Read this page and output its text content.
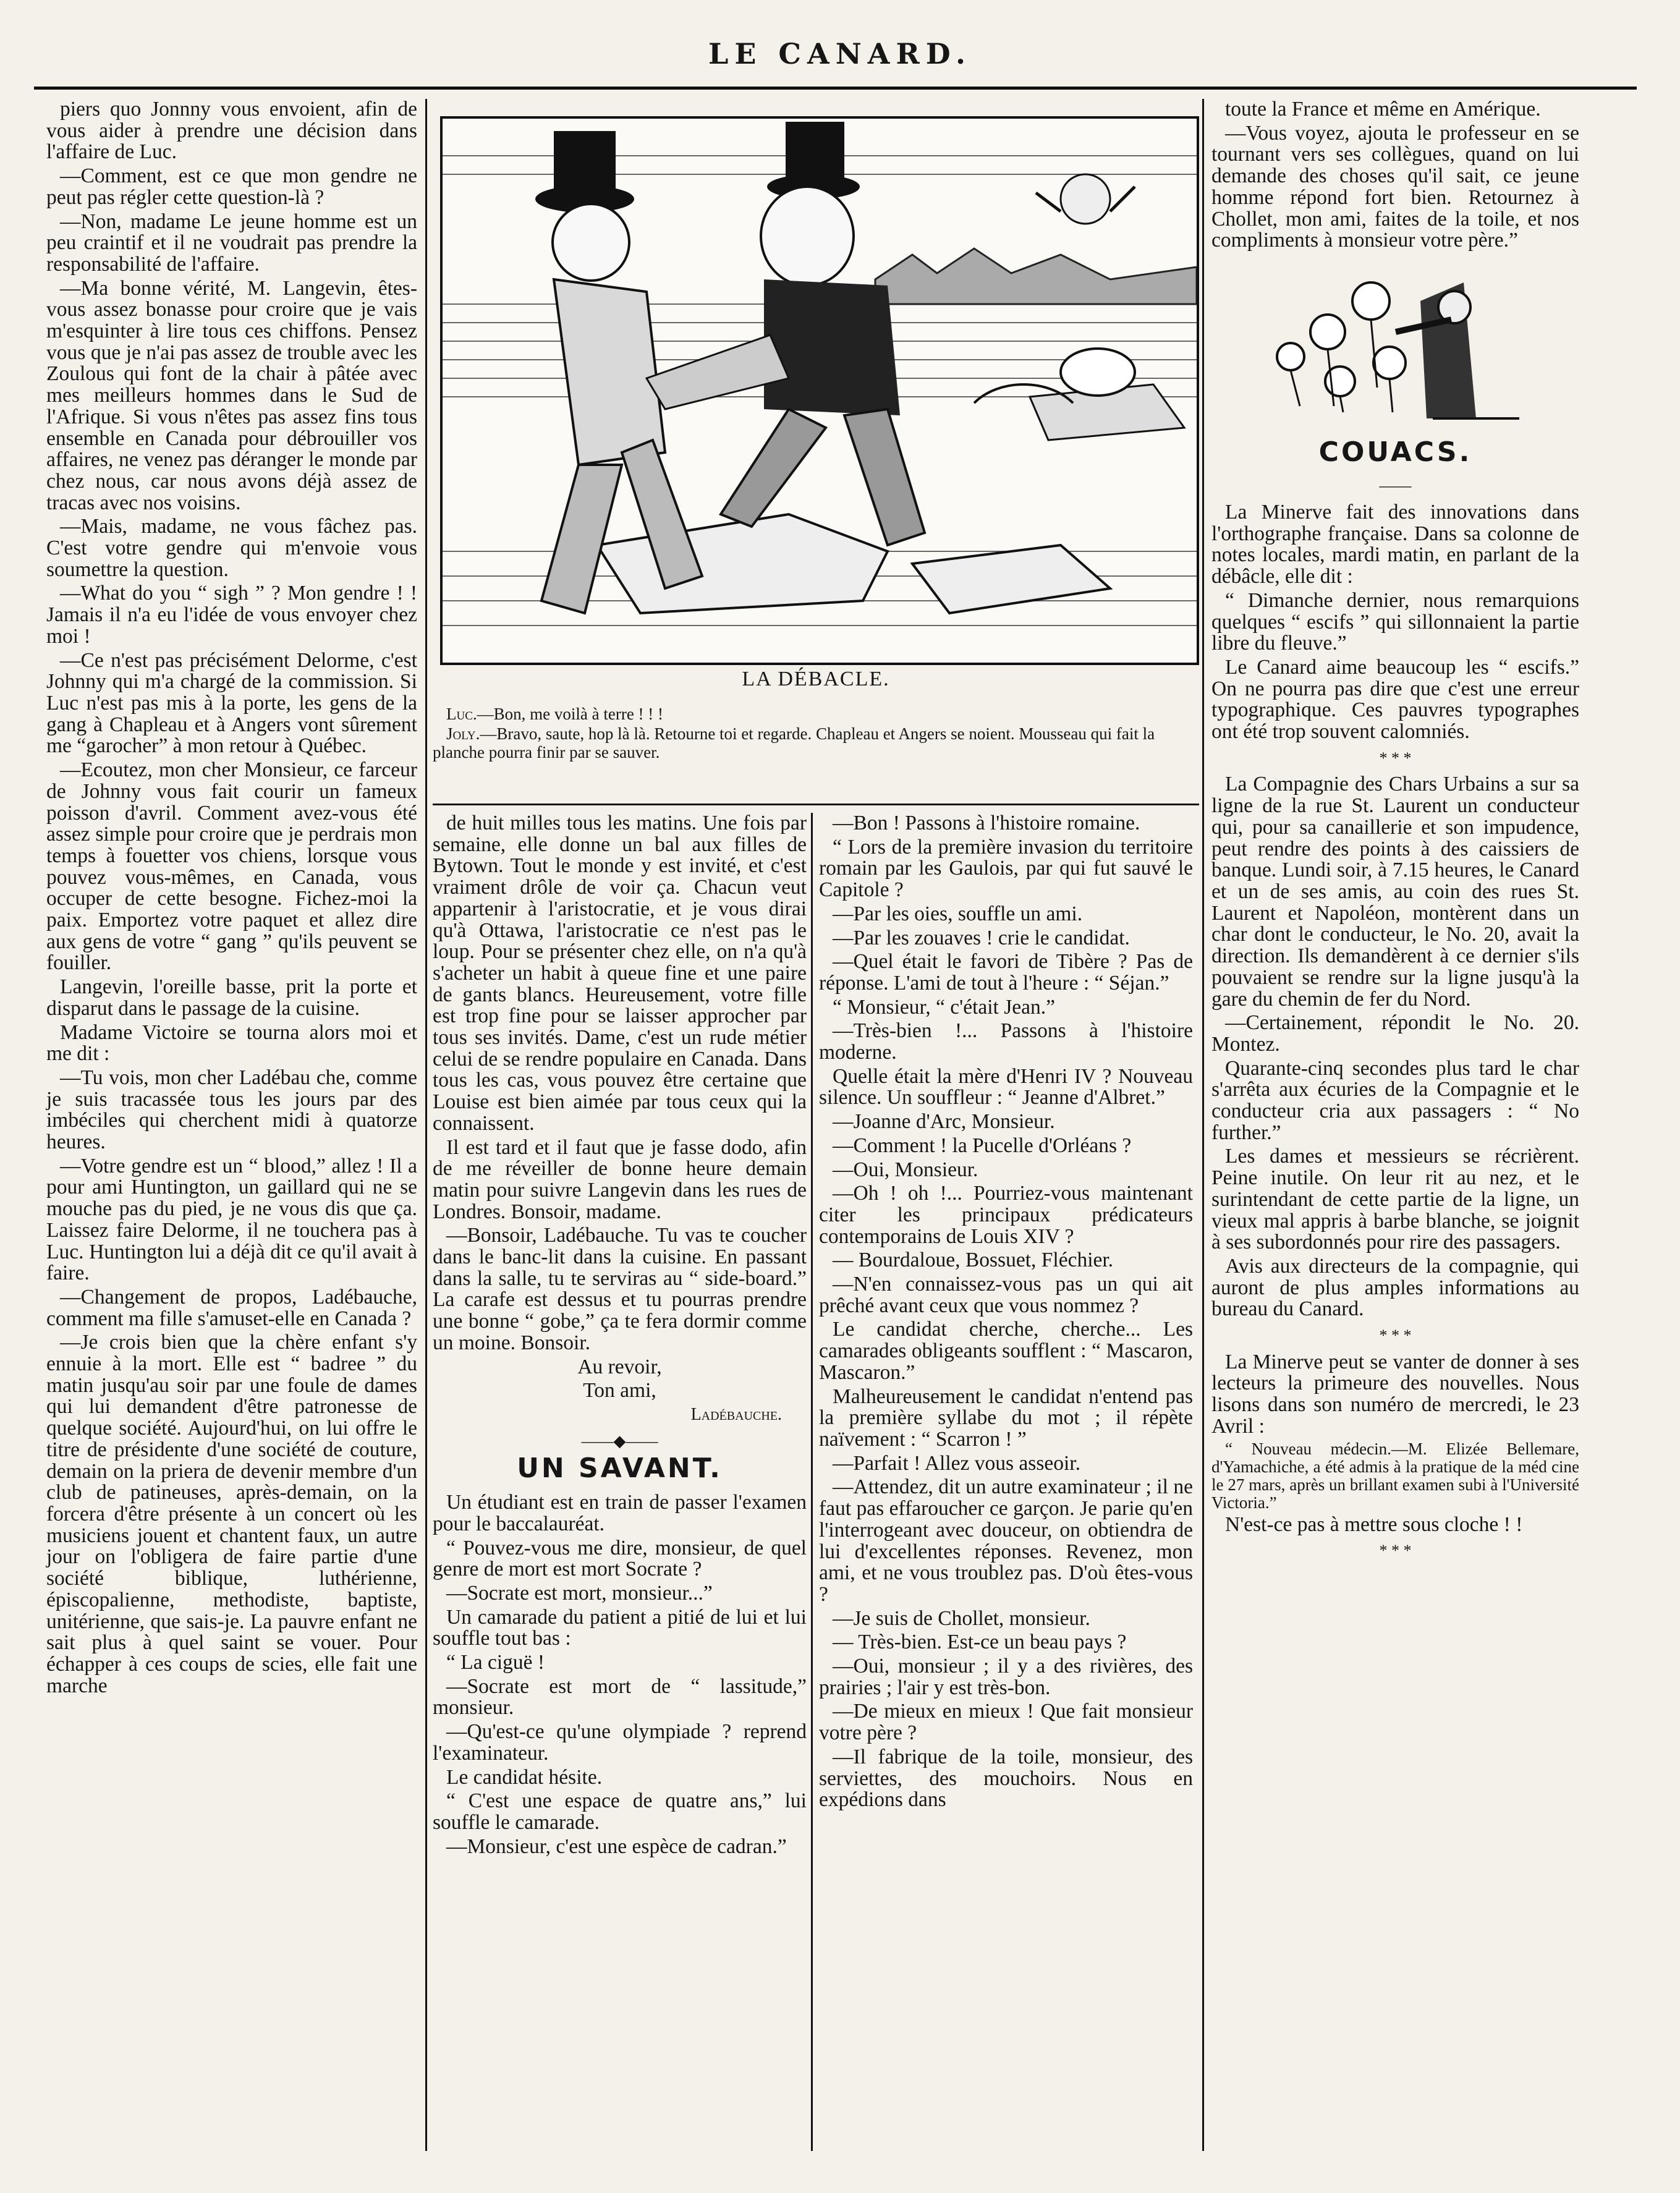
LE CANARD.

piers quo Jonnny vous envoient, afin de vous aider à prendre une décision dans l'affaire de Luc.

—Comment, est ce que mon gendre ne peut pas régler cette question-là ?

—Non, madame Le jeune homme est un peu craintif et il ne voudrait pas prendre la responsabilité de l'affaire.

—Ma bonne vérité, M. Langevin, êtes-vous assez bonasse pour croire que je vais m'esquinter à lire tous ces chiffons. Pensez vous que je n'ai pas assez de trouble avec les Zoulous qui font de la chair à pâtée avec mes meilleurs hommes dans le Sud de l'Afrique. Si vous n'êtes pas assez fins tous ensemble en Canada pour débrouiller vos affaires, ne venez pas déranger le monde par chez nous, car nous avons déjà assez de tracas avec nos voisins.

—Mais, madame, ne vous fâchez pas. C'est votre gendre qui m'envoie vous soumettre la question.

—What do you “ sigh ” ? Mon gendre ! ! Jamais il n'a eu l'idée de vous envoyer chez moi !

—Ce n'est pas précisément Delorme, c'est Johnny qui m'a chargé de la commission. Si Luc n'est pas mis à la porte, les gens de la gang à Chapleau et à Angers vont sûrement me “garocher” à mon retour à Québec.

—Ecoutez, mon cher Monsieur, ce farceur de Johnny vous fait courir un fameux poisson d'avril. Comment avez-vous été assez simple pour croire que je perdrais mon temps à fouetter vos chiens, lorsque vous pouvez vous-mêmes, en Canada, vous occuper de cette besogne. Fichez-moi la paix. Emportez votre paquet et allez dire aux gens de votre “ gang ” qu'ils peuvent se fouiller.

Langevin, l'oreille basse, prit la porte et disparut dans le passage de la cuisine.

Madame Victoire se tourna alors moi et me dit :

—Tu vois, mon cher Ladébau che, comme je suis tracassée tous les jours par des imbéciles qui cherchent midi à quatorze heures.

—Votre gendre est un “ blood,” allez ! Il a pour ami Huntington, un gaillard qui ne se mouche pas du pied, je ne vous dis que ça. Laissez faire Delorme, il ne touchera pas à Luc. Huntington lui a déjà dit ce qu'il avait à faire.

—Changement de propos, Ladébauche, comment ma fille s'amuset-elle en Canada ?

—Je crois bien que la chère enfant s'y ennuie à la mort. Elle est “ badree ” du matin jusqu'au soir par une foule de dames qui lui demandent d'être patronesse de quelque société. Aujourd'hui, on lui offre le titre de présidente d'une société de couture, demain on la priera de devenir membre d'un club de patineuses, après-demain, on la forcera d'être présente à un concert où les musiciens jouent et chantent faux, un autre jour on l'obligera de faire partie d'une société biblique, luthérienne, épiscopalienne, methodiste, baptiste, unitérienne, que sais-je. La pauvre enfant ne sait plus à quel saint se vouer. Pour échapper à ces coups de scies, elle fait une marche

LA DÉBACLE.

Luc.—Bon, me voilà à terre ! ! !

Joly.—Bravo, saute, hop là là. Retourne toi et regarde. Chapleau et Angers se noient. Mousseau qui fait la planche pourra finir par se sauver.

de huit milles tous les matins. Une fois par semaine, elle donne un bal aux filles de Bytown. Tout le monde y est invité, et c'est vraiment drôle de voir ça. Chacun veut appartenir à l'aristocratie, et je vous dirai qu'à Ottawa, l'aristocratie ce n'est pas le loup. Pour se présenter chez elle, on n'a qu'à s'acheter un habit à queue fine et une paire de gants blancs. Heureusement, votre fille est trop fine pour se laisser approcher par tous ses invités. Dame, c'est un rude métier celui de se rendre populaire en Canada. Dans tous les cas, vous pouvez être certaine que Louise est bien aimée par tous ceux qui la connaissent.

Il est tard et il faut que je fasse dodo, afin de me réveiller de bonne heure demain matin pour suivre Langevin dans les rues de Londres. Bonsoir, madame.

—Bonsoir, Ladébauche. Tu vas te coucher dans le banc-lit dans la cuisine. En passant dans la salle, tu te serviras au “ side-board.” La carafe est dessus et tu pourras prendre une bonne “ gobe,” ça te fera dormir comme un moine. Bonsoir.

Au revoir,

Ton ami,

Ladébauche.

——◆——
UN SAVANT.

Un étudiant est en train de passer l'examen pour le baccalauréat.

“ Pouvez-vous me dire, monsieur, de quel genre de mort est mort Socrate ?

—Socrate est mort, monsieur...”

Un camarade du patient a pitié de lui et lui souffle tout bas :

“ La ciguë !

—Socrate est mort de “ lassitude,” monsieur.

—Qu'est-ce qu'une olympiade ? reprend l'examinateur.

Le candidat hésite.

“ C'est une espace de quatre ans,” lui souffle le camarade.

—Monsieur, c'est une espèce de cadran.”

—Bon ! Passons à l'histoire romaine.

“ Lors de la première invasion du territoire romain par les Gaulois, par qui fut sauvé le Capitole ?

—Par les oies, souffle un ami.

—Par les zouaves ! crie le candidat.

—Quel était le favori de Tibère ? Pas de réponse. L'ami de tout à l'heure : “ Séjan.”

“ Monsieur, “ c'était Jean.”

—Très-bien !... Passons à l'histoire moderne.

Quelle était la mère d'Henri IV ? Nouveau silence. Un souffleur : “ Jeanne d'Albret.”

—Joanne d'Arc, Monsieur.

—Comment ! la Pucelle d'Orléans ?

—Oui, Monsieur.

—Oh ! oh !... Pourriez-vous maintenant citer les principaux prédicateurs contemporains de Louis XIV ?

— Bourdaloue, Bossuet, Fléchier.

—N'en connaissez-vous pas un qui ait prêché avant ceux que vous nommez ?

Le candidat cherche, cherche... Les camarades obligeants soufflent : “ Mascaron, Mascaron.”

Malheureusement le candidat n'entend pas la première syllabe du mot ; il répète naïvement : “ Scarron ! ”

—Parfait ! Allez vous asseoir.

—Attendez, dit un autre examinateur ; il ne faut pas effaroucher ce garçon. Je parie qu'en l'interrogeant avec douceur, on obtiendra de lui d'excellentes réponses. Revenez, mon ami, et ne vous troublez pas. D'où êtes-vous ?

—Je suis de Chollet, monsieur.

— Très-bien. Est-ce un beau pays ?

—Oui, monsieur ; il y a des rivières, des prairies ; l'air y est très-bon.

—De mieux en mieux ! Que fait monsieur votre père ?

—Il fabrique de la toile, monsieur, des serviettes, des mouchoirs. Nous en expédions dans

toute la France et même en Amérique.

—Vous voyez, ajouta le professeur en se tournant vers ses collègues, quand on lui demande des choses qu'il sait, ce jeune homme répond fort bien. Retournez à Chollet, mon ami, faites de la toile, et nos compliments à monsieur votre père.”

COUACS.
——

La Minerve fait des innovations dans l'orthographe française. Dans sa colonne de notes locales, mardi matin, en parlant de la débâcle, elle dit :

“ Dimanche dernier, nous remarquions quelques “ escifs ” qui sillonnaient la partie libre du fleuve.”

Le Canard aime beaucoup les “ escifs.” On ne pourra pas dire que c'est une erreur typographique. Ces pauvres typographes ont été trop souvent calomniés.

* * *

La Compagnie des Chars Urbains a sur sa ligne de la rue St. Laurent un conducteur qui, pour sa canaillerie et son impudence, peut rendre des points à des caissiers de banque. Lundi soir, à 7.15 heures, le Canard et un de ses amis, au coin des rues St. Laurent et Napoléon, montèrent dans un char dont le conducteur, le No. 20, avait la direction. Ils demandèrent à ce dernier s'ils pouvaient se rendre sur la ligne jusqu'à la gare du chemin de fer du Nord.

—Certainement, répondit le No. 20. Montez.

Quarante-cinq secondes plus tard le char s'arrêta aux écuries de la Compagnie et le conducteur cria aux passagers : “ No further.”

Les dames et messieurs se récrièrent. Peine inutile. On leur rit au nez, et le surintendant de cette partie de la ligne, un vieux mal appris à barbe blanche, se joignit à ses subordonnés pour rire des passagers.

Avis aux directeurs de la compagnie, qui auront de plus amples informations au bureau du Canard.

* * *

La Minerve peut se vanter de donner à ses lecteurs la primeure des nouvelles. Nous lisons dans son numéro de mercredi, le 23 Avril :

“ Nouveau médecin.—M. Elizée Bellemare, d'Yamachiche, a été admis à la pratique de la méd cine le 27 mars, après un brillant examen subi à l'Université Victoria.”

N'est-ce pas à mettre sous cloche ! !

* * *
